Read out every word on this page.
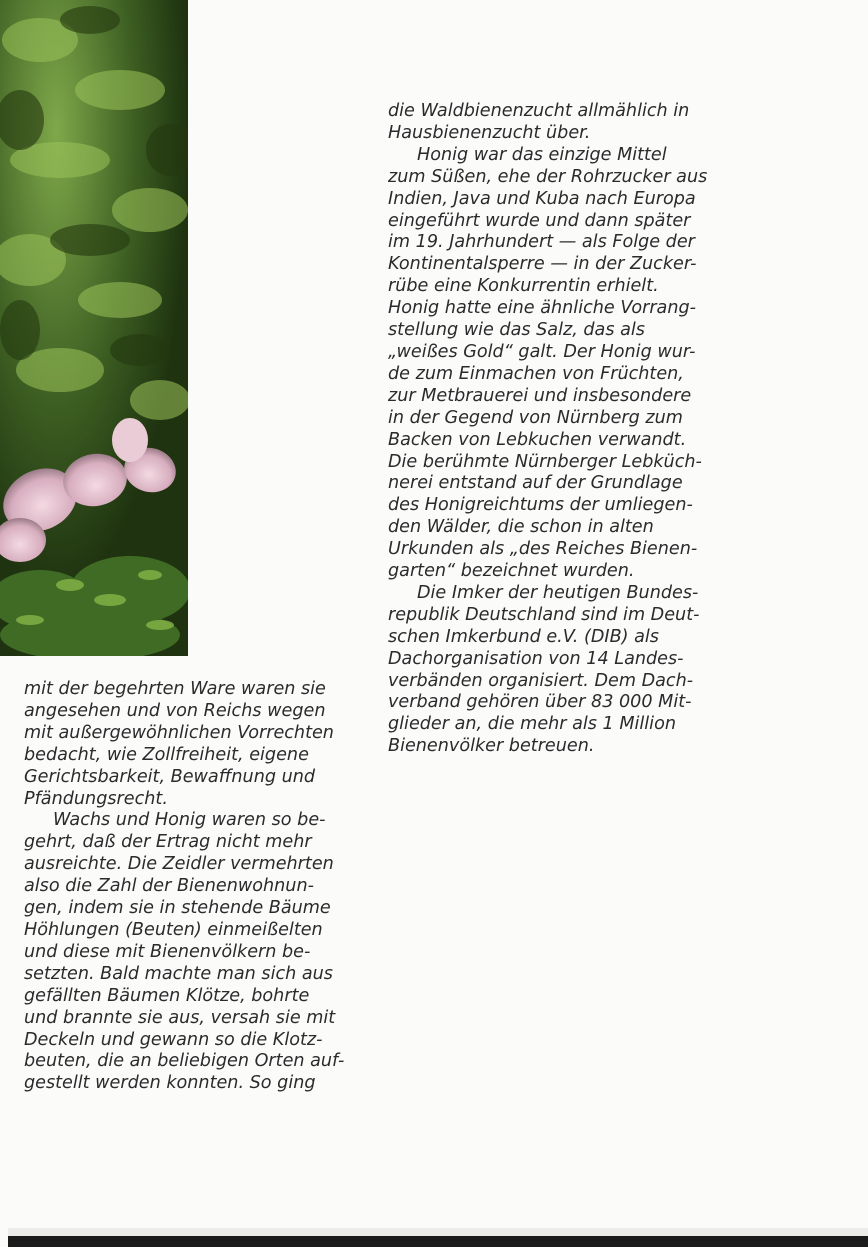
mit der begehrten Ware waren sie
angesehen und von Reichs wegen
mit außergewöhnlichen Vorrechten
bedacht, wie Zollfreiheit, eigene
Gerichtsbarkeit, Bewaffnung und
Pfändungsrecht.

Wachs und Honig waren so be-
gehrt, daß der Ertrag nicht mehr
ausreichte. Die Zeidler vermehrten
also die Zahl der Bienenwohnun-
gen, indem sie in stehende Bäume
Höhlungen (Beuten) einmeißelten
und diese mit Bienenvölkern be-
setzten. Bald machte man sich aus
gefällten Bäumen Klötze, bohrte
und brannte sie aus, versah sie mit
Deckeln und gewann so die Klotz-
beuten, die an beliebigen Orten auf-
gestellt werden konnten. So ging

die Waldbienenzucht allmählich in
Hausbienenzucht über.

Honig war das einzige Mittel
zum Süßen, ehe der Rohrzucker aus
Indien, Java und Kuba nach Europa
eingeführt wurde und dann später
im 19. Jahrhundert — als Folge der
Kontinentalsperre — in der Zucker-
rübe eine Konkurrentin erhielt.
Honig hatte eine ähnliche Vorrang-
stellung wie das Salz, das als
„weißes Gold“ galt. Der Honig wur-
de zum Einmachen von Früchten,
zur Metbrauerei und insbesondere
in der Gegend von Nürnberg zum
Backen von Lebkuchen verwandt.
Die berühmte Nürnberger Lebküch-
nerei entstand auf der Grundlage
des Honigreichtums der umliegen-
den Wälder, die schon in alten
Urkunden als „des Reiches Bienen-
garten“ bezeichnet wurden.

Die Imker der heutigen Bundes-
republik Deutschland sind im Deut-
schen Imkerbund e.V. (DIB) als
Dachorganisation von 14 Landes-
verbänden organisiert. Dem Dach-
verband gehören über 83 000 Mit-
glieder an, die mehr als 1 Million
Bienenvölker betreuen.
